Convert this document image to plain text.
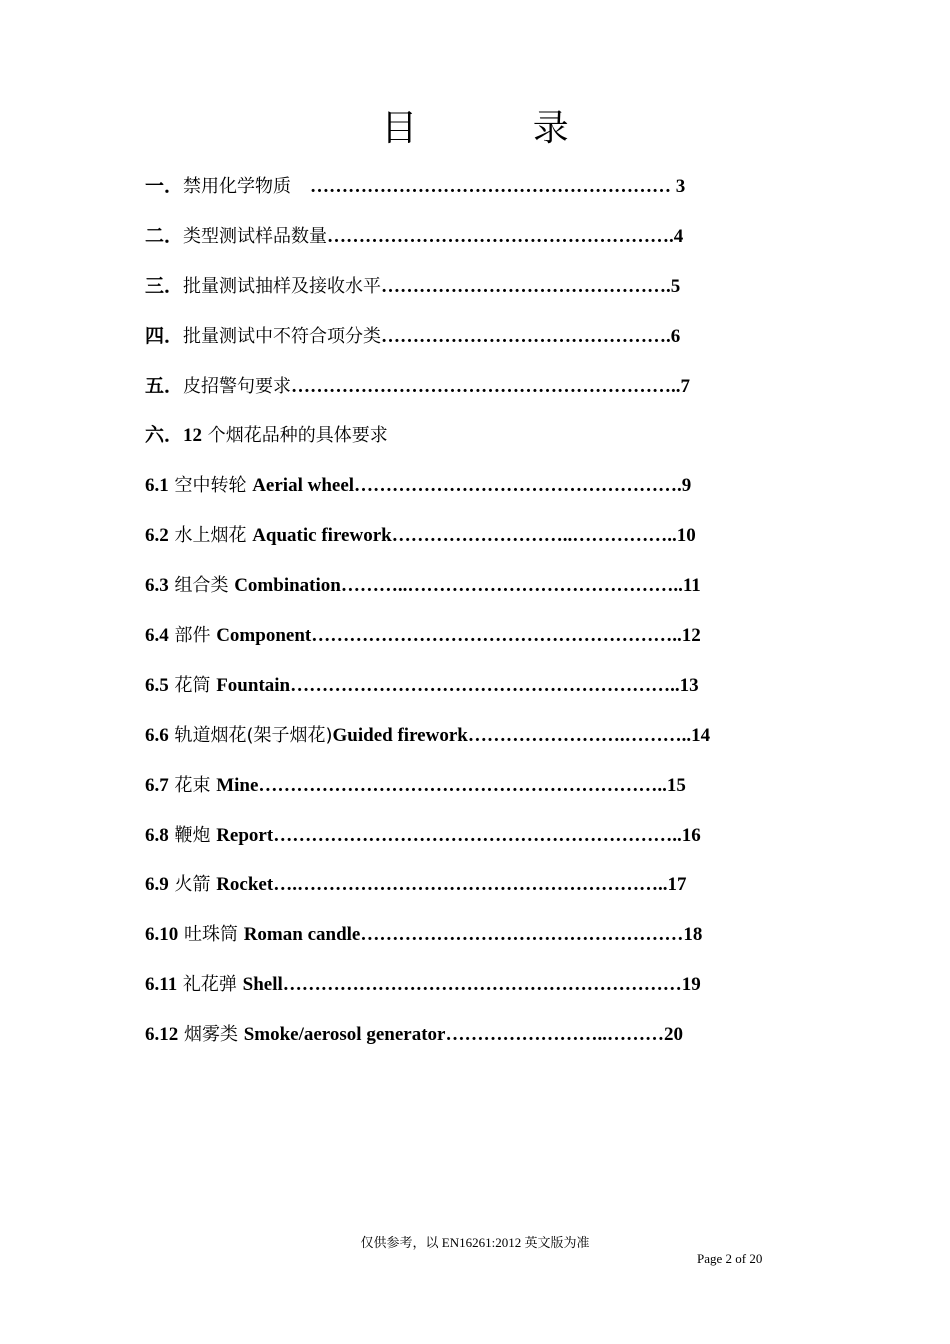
目 录
一．禁用化学物质　………………………………………………… 3
二．类型测试样品数量……………………………………………….4
三．批量测试抽样及接收水平……………………………………….5
四．批量测试中不符合项分类……………………………………….6
五．皮招警句要求……………………………………………………..7
六．12 个烟花品种的具体要求
6.1 空中转轮 Aerial wheel…………………………………………….9
6.2 水上烟花 Aquatic firework………………………..……………..10
6.3 组合类 Combination………..……………………………………..11
6.4 部件 Component…………………………………………………..12
6.5 花筒 Fountain……………………………………………………..13
6.6 轨道烟花(架子烟花)Guided firework…………………….………..14
6.7 花束 Mine………………………………………………………..15
6.8 鞭炮 Report………………………………………………………..16
6.9 火箭 Rocket….…………………………………………………..17
6.10 吐珠筒 Roman candle……………………………………………18
6.11 礼花弹 Shell………………………………………………………19
6.12 烟雾类 Smoke/aerosol generator……………………..………20
仅供参考，以 EN16261:2012 英文版为准
Page 2 of 20
